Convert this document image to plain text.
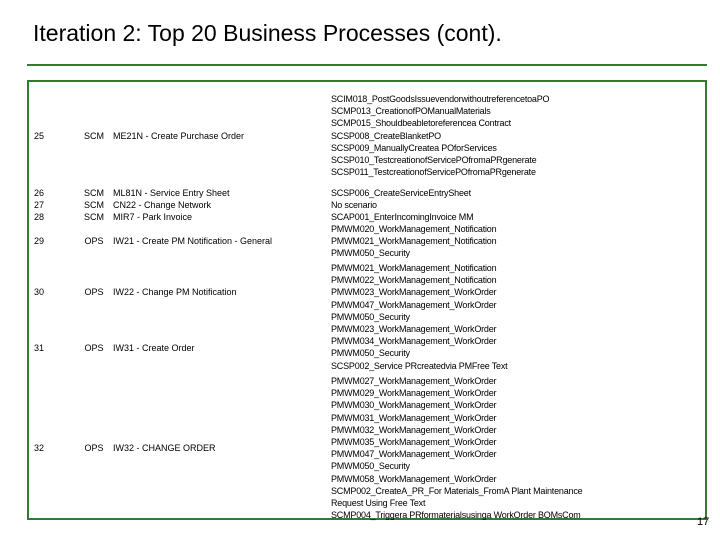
Iteration 2: Top 20 Business Processes (cont).
25	SCM	ME21N - Create Purchase Order
SCIM018_PostGoodsIssuevendorwithoutreferencetoaPO
SCMP013_CreationofPOManualMaterials
SCMP015_Shouldbeabletoreferencea Contract
SCSP008_CreateBlanketPO
SCSP009_ManuallyCreatea POforServices
SCSP010_TestcreationofServicePOfromaPRgenerate
SCSP011_TestcreationofServicePOfromaPRgenerate
26	SCM	ML81N - Service Entry Sheet	SCSP006_CreateServiceEntrySheet
27	SCM	CN22 - Change Network	No scenario
28	SCM	MIR7 - Park Invoice	SCAP001_EnterIncomingInvoice MM
29	OPS	IW21 - Create PM Notification - General
PMWM020_WorkManagement_Notification
PMWM021_WorkManagement_Notification
PMWM050_Security
30	OPS	IW22 - Change PM Notification
PMWM021_WorkManagement_Notification
PMWM022_WorkManagement_Notification
PMWM023_WorkManagement_WorkOrder
PMWM047_WorkManagement_WorkOrder
PMWM050_Security
31	OPS	IW31 - Create Order
PMWM023_WorkManagement_WorkOrder
PMWM034_WorkManagement_WorkOrder
PMWM050_Security
SCSP002_Service PRcreatedvia PMFree Text
32	OPS	IW32 - CHANGE ORDER
PMWM027_WorkManagement_WorkOrder
PMWM029_WorkManagement_WorkOrder
PMWM030_WorkManagement_WorkOrder
PMWM031_WorkManagement_WorkOrder
PMWM032_WorkManagement_WorkOrder
PMWM035_WorkManagement_WorkOrder
PMWM047_WorkManagement_WorkOrder
PMWM050_Security
PMWM058_WorkManagement_WorkOrder
SCMP002_CreateA_PR_For Materials_FromA Plant Maintenance
Request Using Free Text
SCMP004_Triggera PRformaterialsusinga WorkOrder BOMsCom
17
